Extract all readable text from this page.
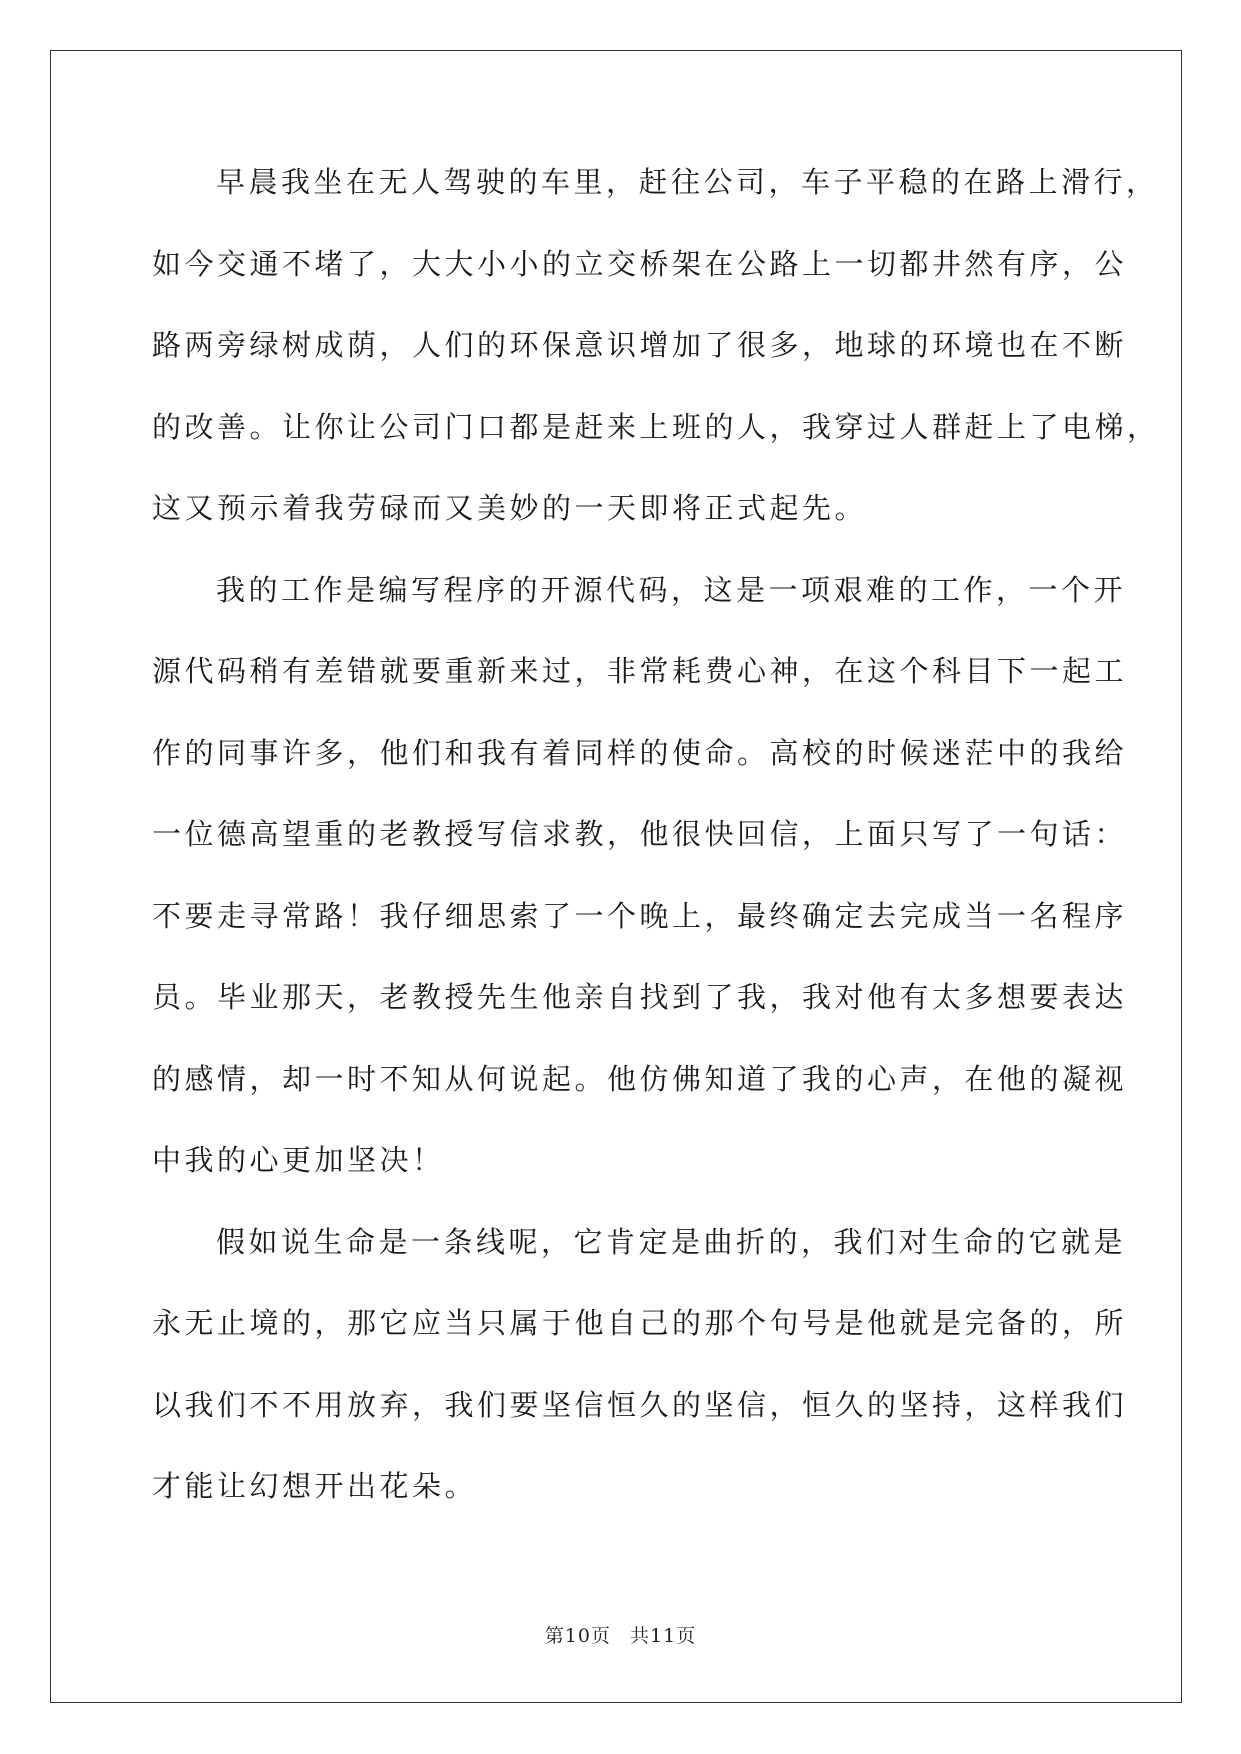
早晨我坐在无人驾驶的车里，赶往公司，车子平稳的在路上滑行，

如今交通不堵了，大大小小的立交桥架在公路上一切都井然有序，公

路两旁绿树成荫，人们的环保意识增加了很多，地球的环境也在不断

的改善。让你让公司门口都是赶来上班的人，我穿过人群赶上了电梯，

这又预示着我劳碌而又美妙的一天即将正式起先。

我的工作是编写程序的开源代码，这是一项艰难的工作，一个开

源代码稍有差错就要重新来过，非常耗费心神，在这个科目下一起工

作的同事许多，他们和我有着同样的使命。高校的时候迷茫中的我给

一位德高望重的老教授写信求教，他很快回信，上面只写了一句话：

不要走寻常路！我仔细思索了一个晚上，最终确定去完成当一名程序

员。毕业那天，老教授先生他亲自找到了我，我对他有太多想要表达

的感情，却一时不知从何说起。他仿佛知道了我的心声，在他的凝视

中我的心更加坚决！

假如说生命是一条线呢，它肯定是曲折的，我们对生命的它就是

永无止境的，那它应当只属于他自己的那个句号是他就是完备的，所

以我们不不用放弃，我们要坚信恒久的坚信，恒久的坚持，这样我们

才能让幻想开出花朵。

第10页 共11页
